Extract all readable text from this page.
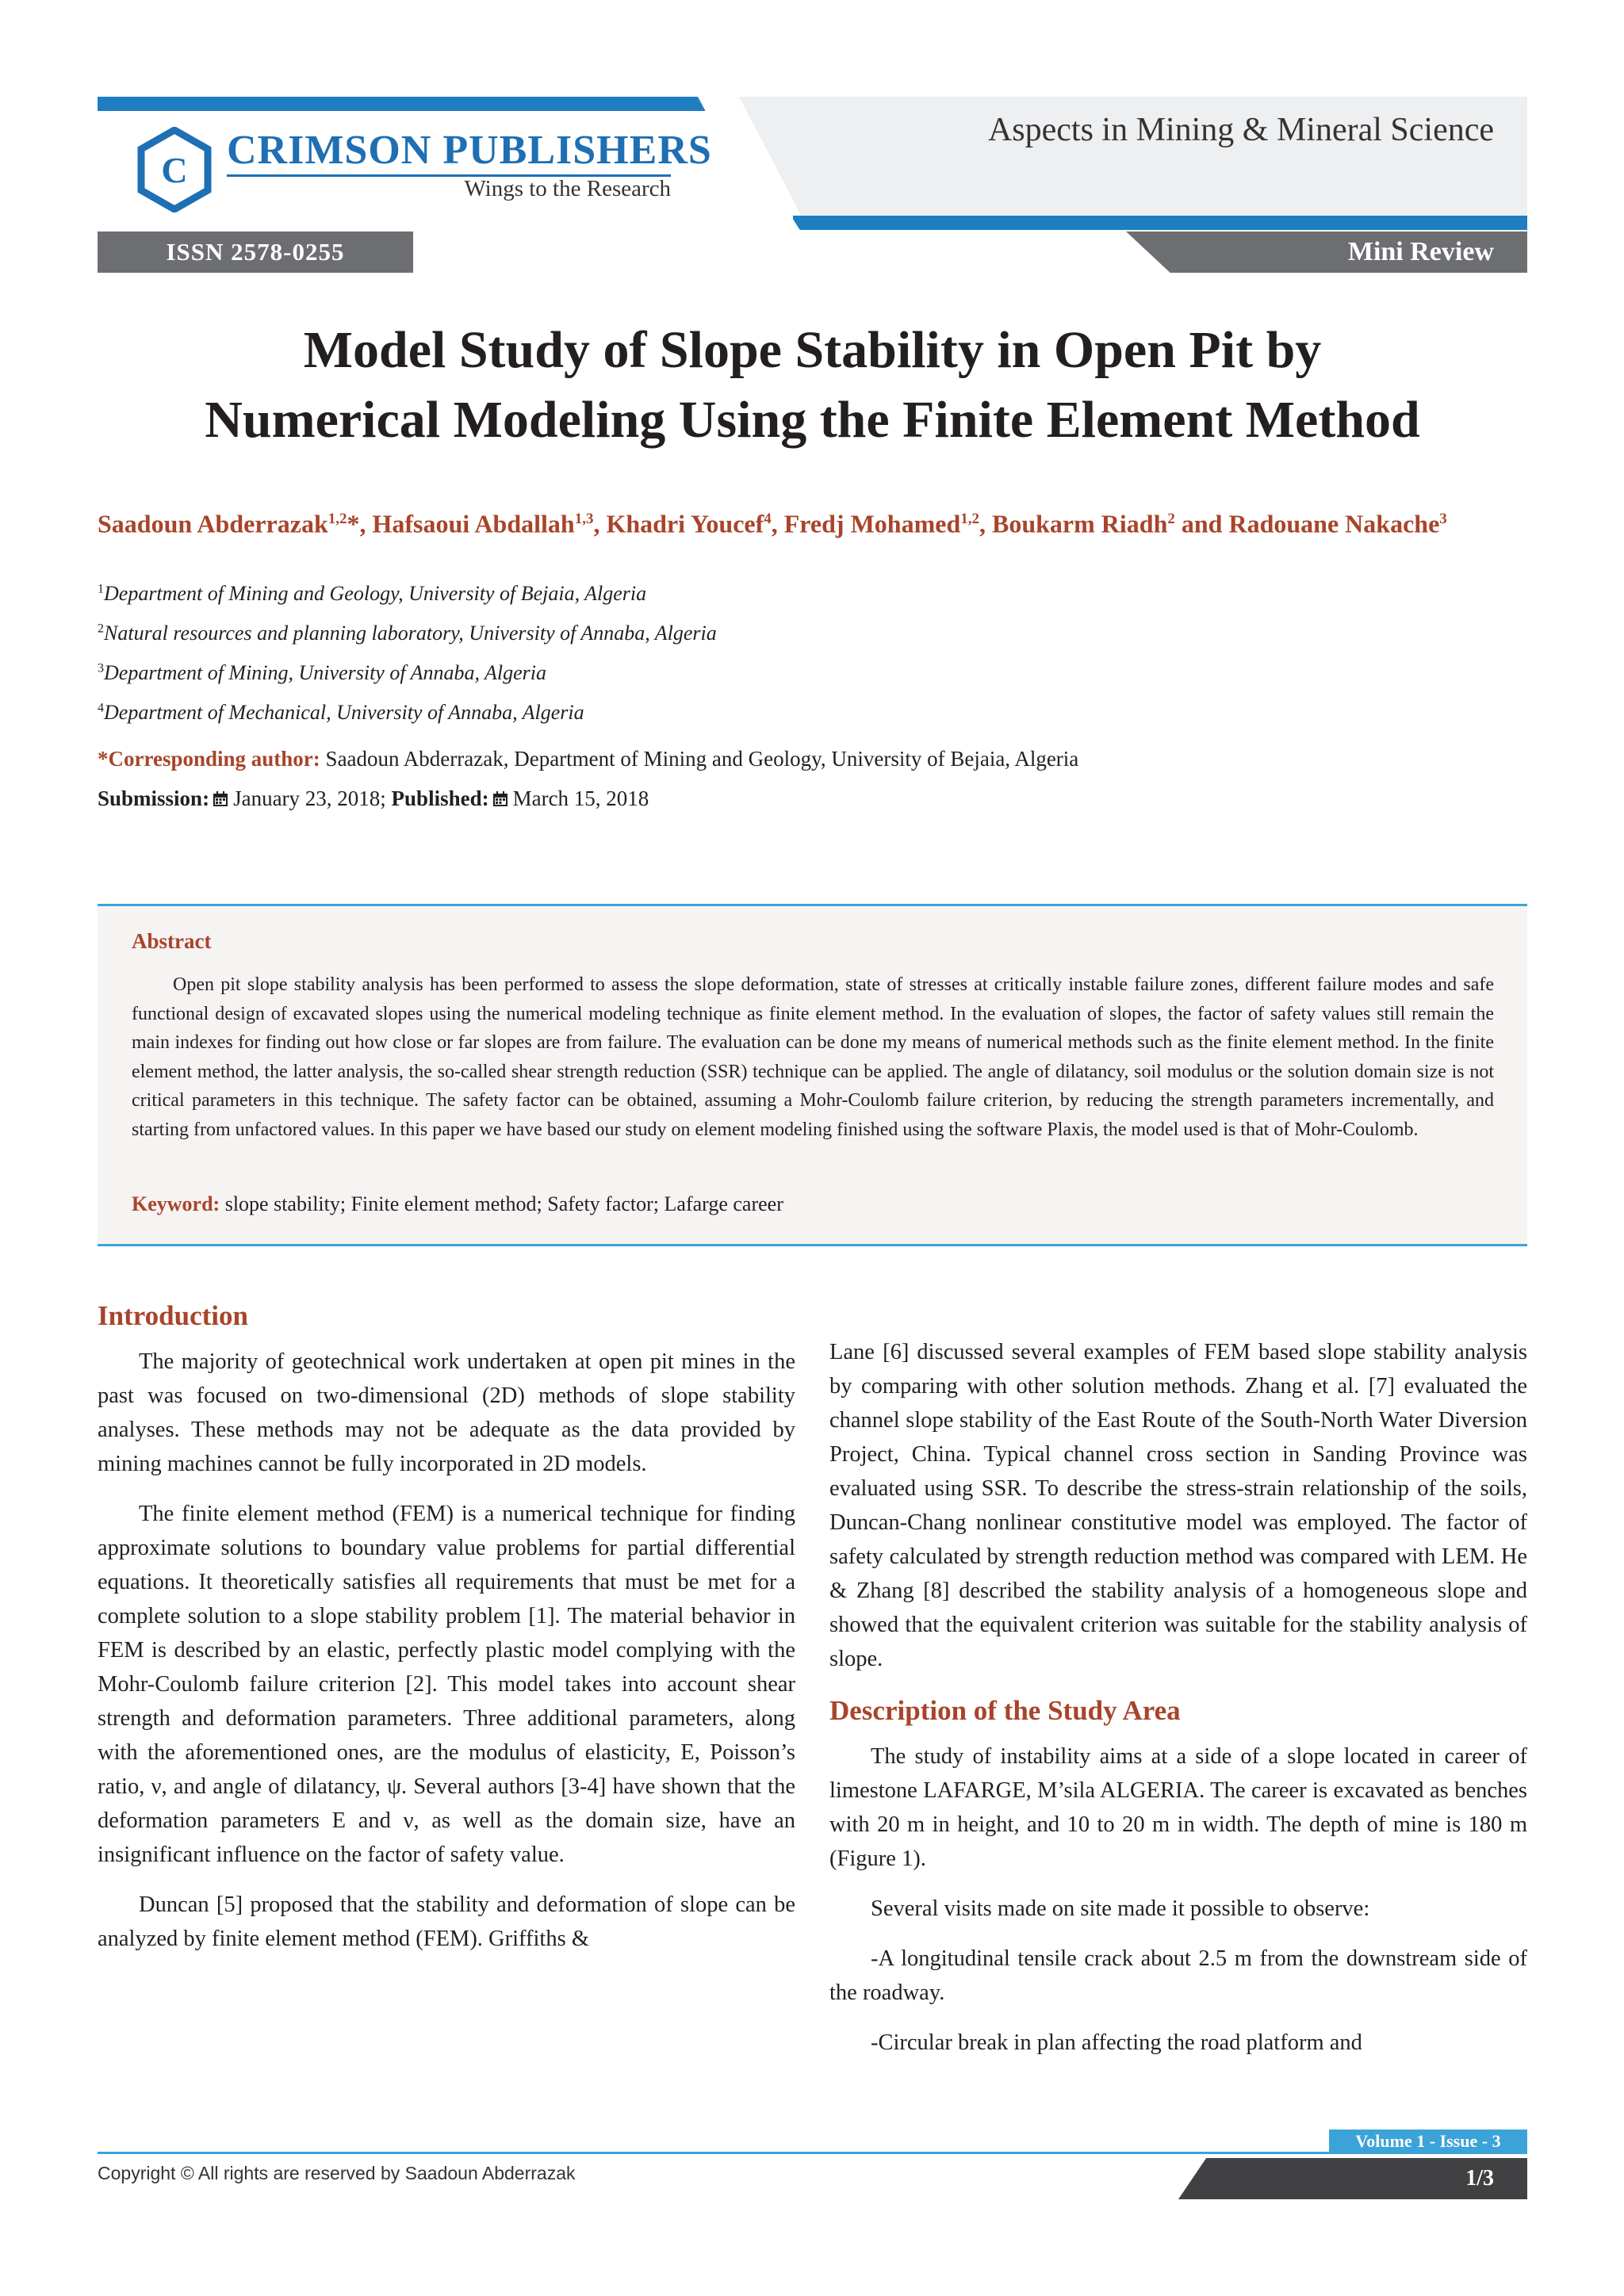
C CRIMSON PUBLISHERS
Wings to the Research
Aspects in Mining & Mineral Science
ISSN 2578-0255	Mini Review
Model Study of Slope Stability in Open Pit by
Numerical Modeling Using the Finite Element Method
Saadoun Abderrazak$^{1,2}$*, Hafsaoui Abdallah$^{1,3}$, Khadri Youcef$^4$, Fredj Mohamed$^{1,2}$, Boukarm Riadh$^2$ and Radouane Nakache$^3$
$^1$Department of Mining and Geology, University of Bejaia, Algeria
$^2$Natural resources and planning laboratory, University of Annaba, Algeria
$^3$Department of Mining, University of Annaba, Algeria
$^4$Department of Mechanical, University of Annaba, Algeria
*Corresponding author: Saadoun Abderrazak, Department of Mining and Geology, University of Bejaia, Algeria
Submission: January 23, 2018; Published: March 15, 2018
Abstract
Open pit slope stability analysis has been performed to assess the slope deformation, state of stresses at critically instable failure zones, different failure modes and safe functional design of excavated slopes using the numerical modeling technique as finite element method. In the evaluation of slopes, the factor of safety values still remain the main indexes for finding out how close or far slopes are from failure. The evaluation can be done my means of numerical methods such as the finite element method. In the finite element method, the latter analysis, the so-called shear strength reduction (SSR) technique can be applied. The angle of dilatancy, soil modulus or the solution domain size is not critical parameters in this technique. The safety factor can be obtained, assuming a Mohr-Coulomb failure criterion, by reducing the strength parameters incrementally, and starting from unfactored values. In this paper we have based our study on element modeling finished using the software Plaxis, the model used is that of Mohr-Coulomb.
Keyword: slope stability; Finite element method; Safety factor; Lafarge career
Introduction

The majority of geotechnical work undertaken at open pit mines in the past was focused on two-dimensional (2D) methods of slope stability analyses. These methods may not be adequate as the data provided by mining machines cannot be fully incorporated in 2D models.

The finite element method (FEM) is a numerical technique for finding approximate solutions to boundary value problems for partial differential equations. It theoretically satisfies all requirements that must be met for a complete solution to a slope stability problem [1]. The material behavior in FEM is described by an elastic, perfectly plastic model complying with the Mohr-Coulomb failure criterion [2]. This model takes into account shear strength and deformation parameters. Three additional parameters, along with the aforementioned ones, are the modulus of elasticity, E, Poisson’s ratio, ν, and angle of dilatancy, ψ. Several authors [3-4] have shown that the deformation parameters E and ν, as well as the domain size, have an insignificant influence on the factor of safety value.

Duncan [5] proposed that the stability and deformation of slope can be analyzed by finite element method (FEM). Griffiths &

Lane [6] discussed several examples of FEM based slope stability analysis by comparing with other solution methods. Zhang et al. [7] evaluated the channel slope stability of the East Route of the South-North Water Diversion Project, China. Typical channel cross section in Sanding Province was evaluated using SSR. To describe the stress-strain relationship of the soils, Duncan-Chang nonlinear constitutive model was employed. The factor of safety calculated by strength reduction method was compared with LEM. He & Zhang [8] described the stability analysis of a homogeneous slope and showed that the equivalent criterion was suitable for the stability analysis of slope.

Description of the Study Area

The study of instability aims at a side of a slope located in career of limestone LAFARGE, M’sila ALGERIA. The career is excavated as benches with 20 m in height, and 10 to 20 m in width. The depth of mine is 180 m (Figure 1).

Several visits made on site made it possible to observe:

-A longitudinal tensile crack about 2.5 m from the downstream side of the roadway.

-Circular break in plan affecting the road platform and

Volume 1 - Issue - 3
Copyright © All rights are reserved by Saadoun Abderrazak	1/3
